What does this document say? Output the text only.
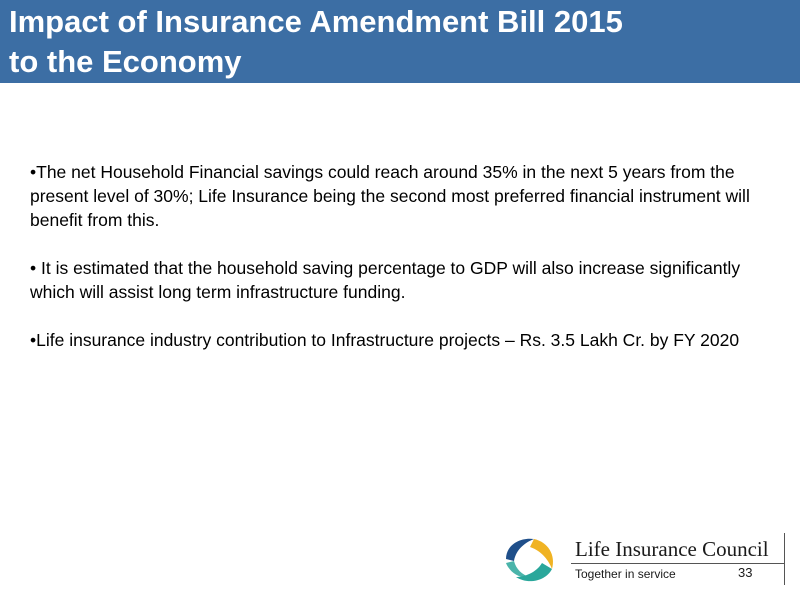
Impact of Insurance Amendment Bill 2015
to the Economy

•The net Household Financial savings could reach around 35% in the next 5 years from the present level of 30%; Life Insurance being the second most preferred financial instrument will benefit from this.

• It is estimated that the household saving percentage to GDP will also increase significantly which will assist long term infrastructure funding.

•Life insurance industry contribution to Infrastructure projects – Rs. 3.5 Lakh Cr. by FY 2020

Life Insurance Council
Together in service	33
